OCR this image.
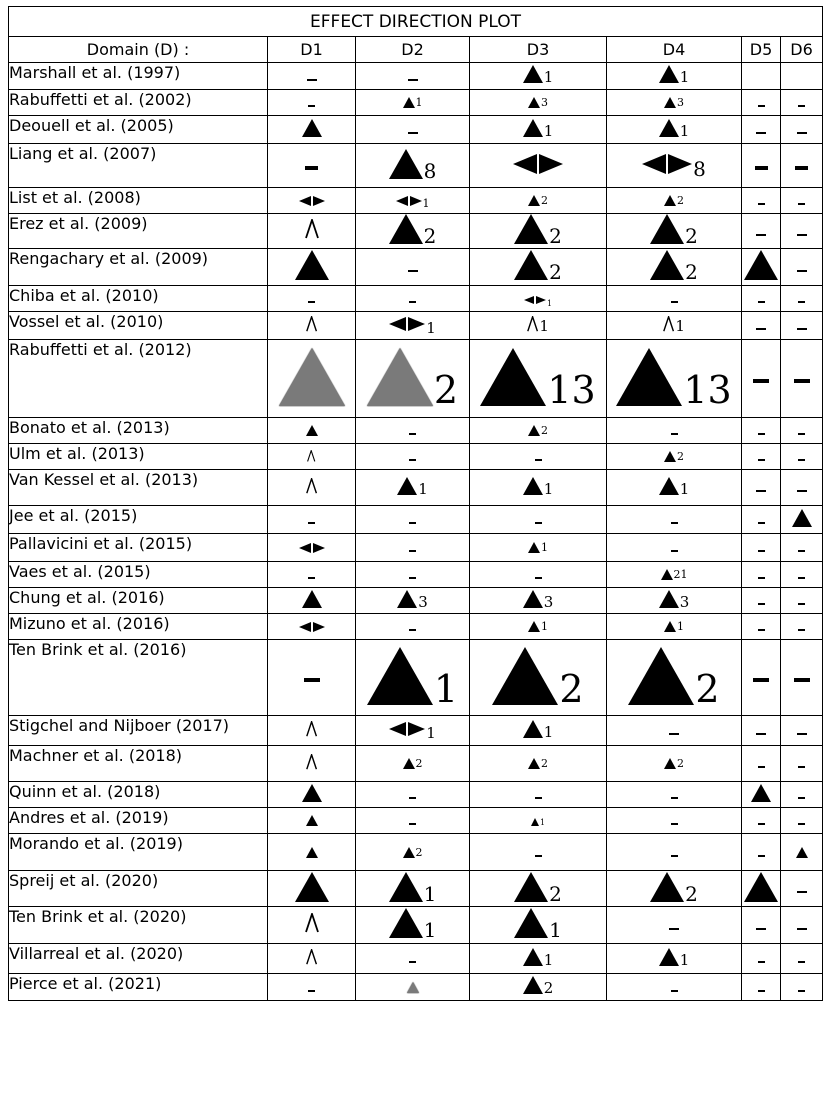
EFFECT DIRECTION PLOT						
Domain (D) :	D1	D2	D3	D4	D5	D6
Marshall et al. (1997)			1	1		

Rabuffetti et al. (2002)		1	3	3		

Deouell et al. (2005)			1	1		

Liang et al. (2007)		8		8		

List et al. (2008)		1	2	2		

Erez et al. (2009)		2	2	2		

Rengachary et al. (2009)			2	2		

Chiba et al. (2010)			1			

Vossel et al. (2010)		1	1	1		

Rabuffetti et al. (2012)		2	13	13		

Bonato et al. (2013)			2			

Ulm et al. (2013)				2		

Van Kessel et al. (2013)		1	1	1		

Jee et al. (2015)	

Pallavicini et al. (2015)			1			

Vaes et al. (2015)				21		

Chung et al. (2016)		3	3	3		

Mizuno et al. (2016)			1	1		

Ten Brink et al. (2016)		1	2	2		

Stigchel and Nijboer (2017)		1	1			

Machner et al. (2018)		2	2	2		

Quinn et al. (2018)	

Andres et al. (2019)			1			

Morando et al. (2019)		2				

Spreij et al. (2020)		1	2	2		

Ten Brink et al. (2020)		1	1			

Villarreal et al. (2020)			1	1		

Pierce et al. (2021)			2			
